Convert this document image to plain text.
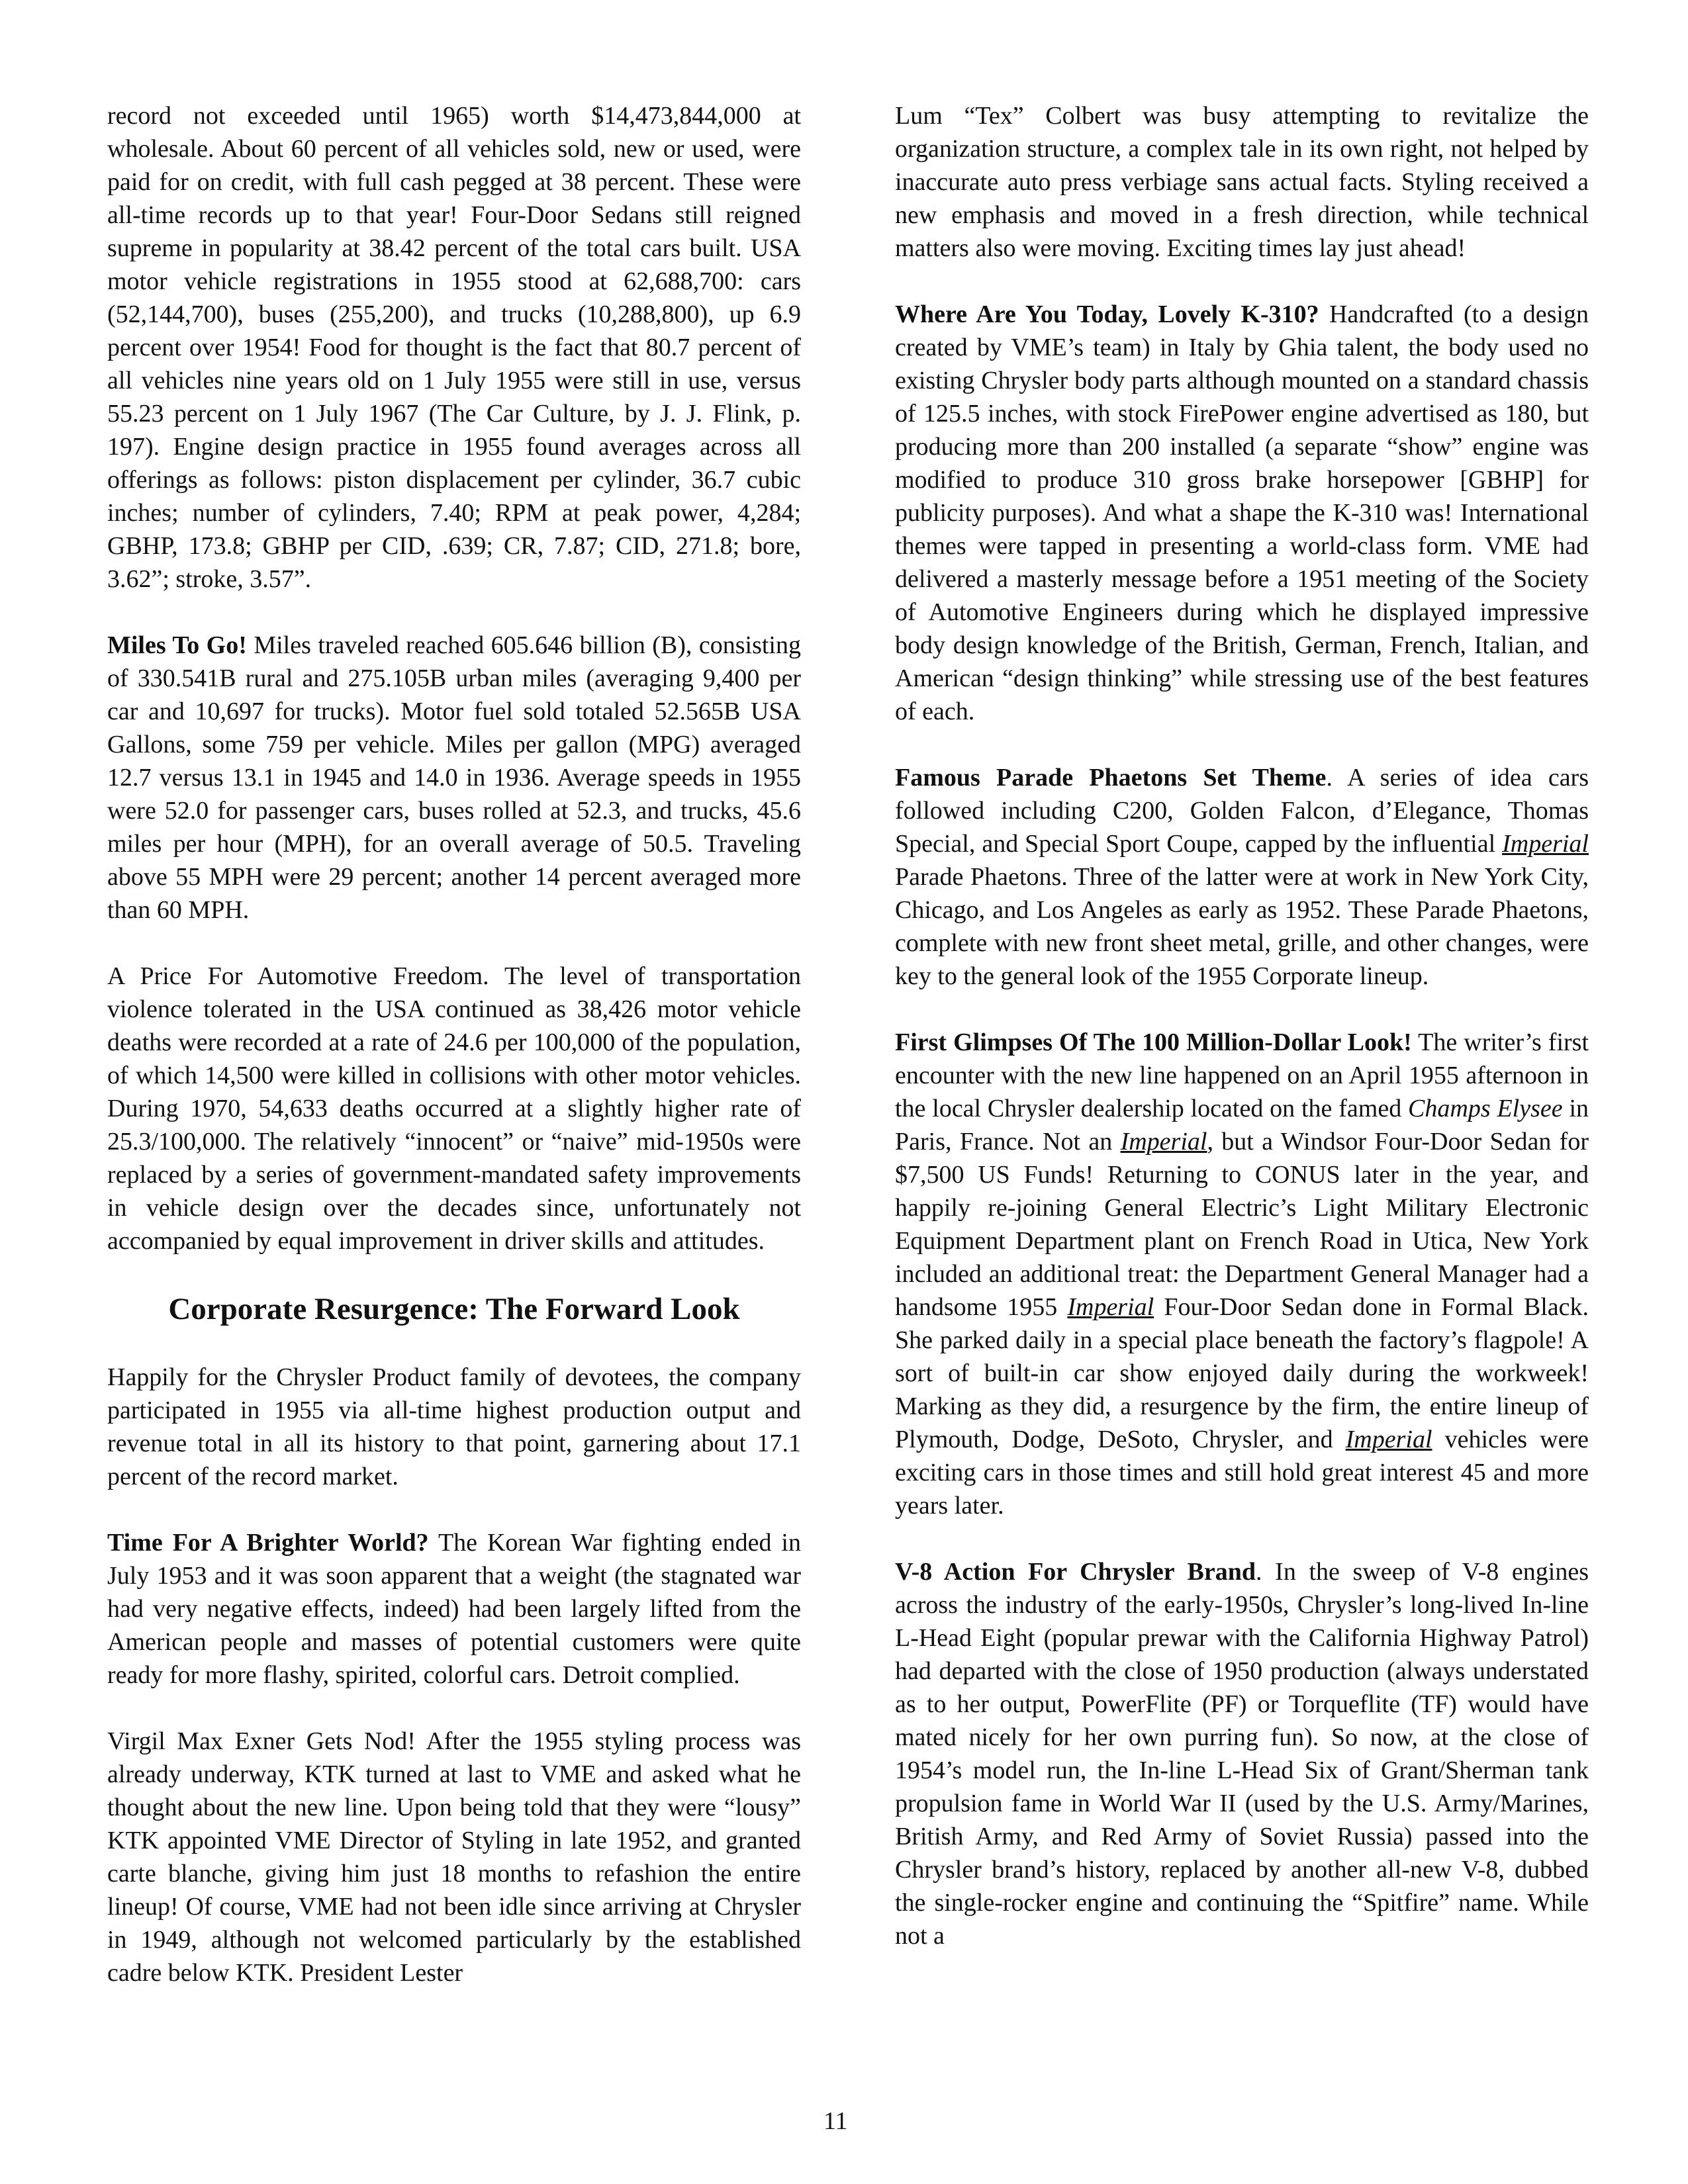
record not exceeded until 1965) worth $14,473,844,000 at wholesale. About 60 percent of all vehicles sold, new or used, were paid for on credit, with full cash pegged at 38 percent. These were all-time records up to that year! Four-Door Sedans still reigned supreme in popularity at 38.42 percent of the total cars built. USA motor vehicle registrations in 1955 stood at 62,688,700: cars (52,144,700), buses (255,200), and trucks (10,288,800), up 6.9 percent over 1954! Food for thought is the fact that 80.7 percent of all vehicles nine years old on 1 July 1955 were still in use, versus 55.23 percent on 1 July 1967 (The Car Culture, by J. J. Flink, p. 197). Engine design practice in 1955 found averages across all offerings as follows: piston displacement per cylinder, 36.7 cubic inches; number of cylinders, 7.40; RPM at peak power, 4,284; GBHP, 173.8; GBHP per CID, .639; CR, 7.87; CID, 271.8; bore, 3.62”; stroke, 3.57”.

Miles To Go! Miles traveled reached 605.646 billion (B), consisting of 330.541B rural and 275.105B urban miles (averaging 9,400 per car and 10,697 for trucks). Motor fuel sold totaled 52.565B USA Gallons, some 759 per vehicle. Miles per gallon (MPG) averaged 12.7 versus 13.1 in 1945 and 14.0 in 1936. Average speeds in 1955 were 52.0 for passenger cars, buses rolled at 52.3, and trucks, 45.6 miles per hour (MPH), for an overall average of 50.5. Traveling above 55 MPH were 29 percent; another 14 percent averaged more than 60 MPH.

A Price For Automotive Freedom. The level of transportation violence tolerated in the USA continued as 38,426 motor vehicle deaths were recorded at a rate of 24.6 per 100,000 of the population, of which 14,500 were killed in collisions with other motor vehicles. During 1970, 54,633 deaths occurred at a slightly higher rate of 25.3/100,000. The relatively “innocent” or “naive” mid-1950s were replaced by a series of government-mandated safety improvements in vehicle design over the decades since, unfortunately not accompanied by equal improvement in driver skills and attitudes.

Corporate Resurgence: The Forward Look

Happily for the Chrysler Product family of devotees, the company participated in 1955 via all-time highest production output and revenue total in all its history to that point, garnering about 17.1 percent of the record market.

Time For A Brighter World? The Korean War fighting ended in July 1953 and it was soon apparent that a weight (the stagnated war had very negative effects, indeed) had been largely lifted from the American people and masses of potential customers were quite ready for more flashy, spirited, colorful cars. Detroit complied.

Virgil Max Exner Gets Nod! After the 1955 styling process was already underway, KTK turned at last to VME and asked what he thought about the new line. Upon being told that they were “lousy” KTK appointed VME Director of Styling in late 1952, and granted carte blanche, giving him just 18 months to refashion the entire lineup! Of course, VME had not been idle since arriving at Chrysler in 1949, although not welcomed particularly by the established cadre below KTK. President Lester

Lum “Tex” Colbert was busy attempting to revitalize the organization structure, a complex tale in its own right, not helped by inaccurate auto press verbiage sans actual facts. Styling received a new emphasis and moved in a fresh direction, while technical matters also were moving. Exciting times lay just ahead!

Where Are You Today, Lovely K-310? Handcrafted (to a design created by VME’s team) in Italy by Ghia talent, the body used no existing Chrysler body parts although mounted on a standard chassis of 125.5 inches, with stock FirePower engine advertised as 180, but producing more than 200 installed (a separate “show” engine was modified to produce 310 gross brake horsepower [GBHP] for publicity purposes). And what a shape the K-310 was! International themes were tapped in presenting a world-class form. VME had delivered a masterly message before a 1951 meeting of the Society of Automotive Engineers during which he displayed impressive body design knowledge of the British, German, French, Italian, and American “design thinking” while stressing use of the best features of each.

Famous Parade Phaetons Set Theme. A series of idea cars followed including C200, Golden Falcon, d’Elegance, Thomas Special, and Special Sport Coupe, capped by the influential Imperial Parade Phaetons. Three of the latter were at work in New York City, Chicago, and Los Angeles as early as 1952. These Parade Phaetons, complete with new front sheet metal, grille, and other changes, were key to the general look of the 1955 Corporate lineup.

First Glimpses Of The 100 Million-Dollar Look! The writer’s first encounter with the new line happened on an April 1955 afternoon in the local Chrysler dealership located on the famed Champs Elysee in Paris, France. Not an Imperial, but a Windsor Four-Door Sedan for $7,500 US Funds! Returning to CONUS later in the year, and happily re-joining General Electric’s Light Military Electronic Equipment Department plant on French Road in Utica, New York included an additional treat: the Department General Manager had a handsome 1955 Imperial Four-Door Sedan done in Formal Black. She parked daily in a special place beneath the factory’s flagpole! A sort of built-in car show enjoyed daily during the workweek! Marking as they did, a resurgence by the firm, the entire lineup of Plymouth, Dodge, DeSoto, Chrysler, and Imperial vehicles were exciting cars in those times and still hold great interest 45 and more years later.

V-8 Action For Chrysler Brand. In the sweep of V-8 engines across the industry of the early-1950s, Chrysler’s long-lived In-line L-Head Eight (popular prewar with the California Highway Patrol) had departed with the close of 1950 production (always understated as to her output, PowerFlite (PF) or Torqueflite (TF) would have mated nicely for her own purring fun). So now, at the close of 1954’s model run, the In-line L-Head Six of Grant/Sherman tank propulsion fame in World War II (used by the U.S. Army/Marines, British Army, and Red Army of Soviet Russia) passed into the Chrysler brand’s history, replaced by another all-new V-8, dubbed the single-rocker engine and continuing the “Spitfire” name. While not a

11
